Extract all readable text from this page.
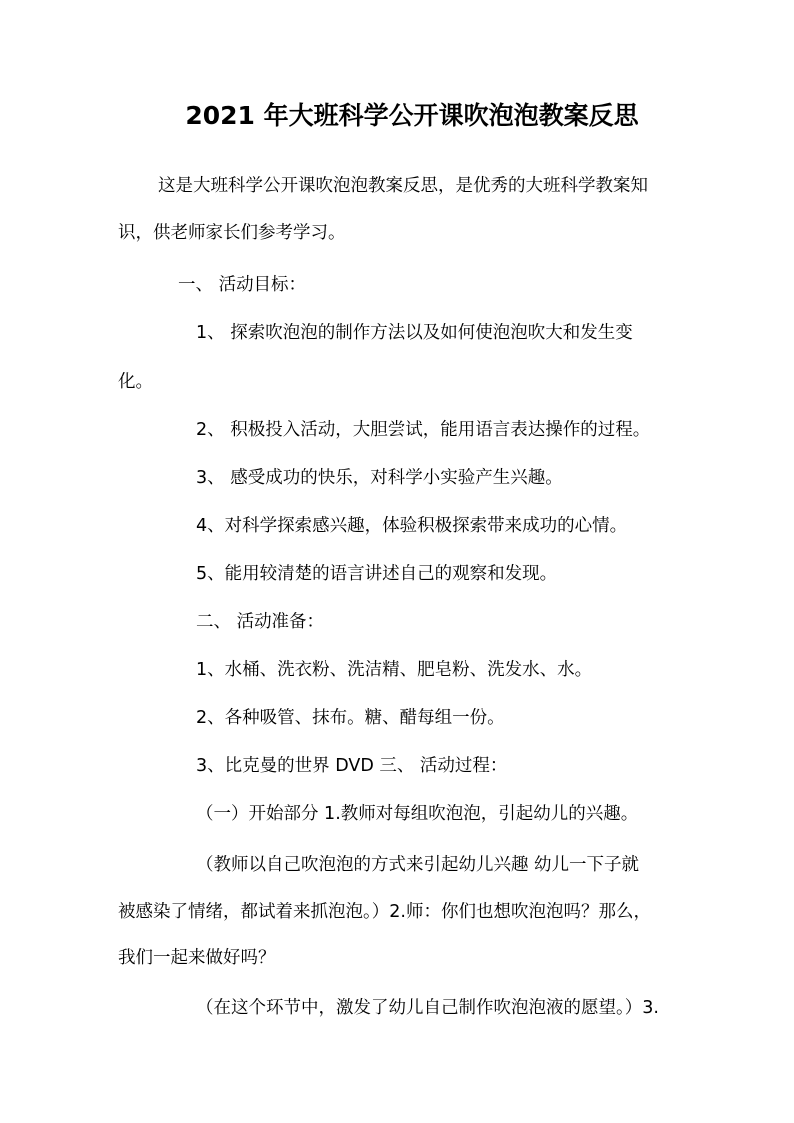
2021 年大班科学公开课吹泡泡教案反思

这是大班科学公开课吹泡泡教案反思，是优秀的大班科学教案知

识，供老师家长们参考学习。

一、 活动目标：

1、 探索吹泡泡的制作方法以及如何使泡泡吹大和发生变

化。

2、 积极投入活动，大胆尝试，能用语言表达操作的过程。

3、 感受成功的快乐，对科学小实验产生兴趣。

4、对科学探索感兴趣，体验积极探索带来成功的心情。

5、能用较清楚的语言讲述自己的观察和发现。

二、 活动准备：

1、水桶、洗衣粉、洗洁精、肥皂粉、洗发水、水。

2、各种吸管、抹布。糖、醋每组一份。

3、比克曼的世界 DVD 三、 活动过程：

（一）开始部分 1.教师对每组吹泡泡，引起幼儿的兴趣。

（教师以自己吹泡泡的方式来引起幼儿兴趣 幼儿一下子就

被感染了情绪，都试着来抓泡泡。）2.师：你们也想吹泡泡吗？那么，

我们一起来做好吗？

（在这个环节中，激发了幼儿自己制作吹泡泡液的愿望。）3.
